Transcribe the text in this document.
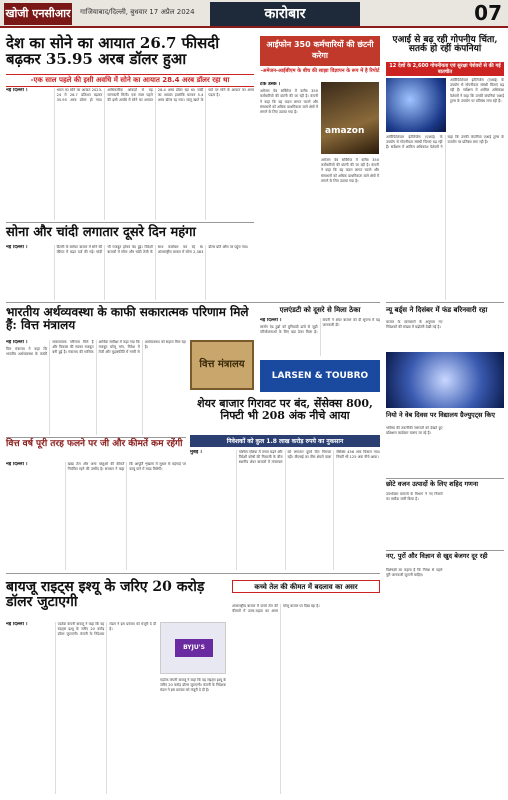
खोजी एनसीआर गाजियाबाद/दिल्ली, बुधवार 17 अप्रैल 2024	कारोबार	07
देश का सोने का आयात 26.7 फीसदी बढ़कर 35.95 अरब डॉलर हुआ
-एक साल पहले की इसी अवधि में सोने का आयात 28.4 अरब डॉलर रहा था
नई दिल्ली ।	भारत का सोने का आयात 2023-24 में 26.7 प्रतिशत बढ़कर 35.95 अरब डॉलर हो गया। आधिकारिक आंकड़ों से यह जानकारी मिली। एक साल पहले की इसी अवधि में सोने का आयात 28.4 अरब डॉलर रहा था। चांदी का आयात हालांकि घटकर 5.4 अरब डॉलर रह गया। चालू खाते के घाटे पर सोने के आयात का असर पड़ता है।
सोना और चांदी लगातार दूसरे दिन महंगा
नई दिल्ली ।	दिल्ली के सर्राफा बाजार में सोने की कीमत में बढ़त दर्ज की गई। चांदी भी मजबूत होकर बंद हुई। विदेशी बाजारों में सोना और चांदी तेजी के साथ कारोबार कर रहे थे। अंतरराष्ट्रीय बाजार में सोना 2,383 डॉलर प्रति औंस पर पहुंच गया।
आईफोन 350 कर्मचारियों की छंटनी करेगा
-अमेजन-आईबीएम के बीच की साझा विज्ञापन के रूप में है रिपोर्ट
टेक डेस्क ।
अमेजन वेब सर्विसेज में करीब 350 कर्मचारियों की छंटनी की जा रही है। कंपनी ने कहा कि यह कदम लागत घटाने और संसाधनों को अधिक प्राथमिकता वाले क्षेत्रों में लगाने के लिए उठाया गया है।
amazon
अमेजन वेब सर्विसेज में करीब 350 कर्मचारियों की छंटनी की जा रही है। कंपनी ने कहा कि यह कदम लागत घटाने और संसाधनों को अधिक प्राथमिकता वाले क्षेत्रों में लगाने के लिए उठाया गया है।
एआई से बढ़ रही गोपनीय चिंता, सतर्क हो रहीं कंपनियां
12 देशों के 2,600 गोपनीयता एवं सुरक्षा पेशेवरों से की गई बातचीत
आर्टिफिशियल इंटेलिजेंस (एआई) के उपयोग से गोपनीयता संबंधी चिंताएं बढ़ रही हैं। सर्वेक्षण में शामिल अधिकांश पेशेवरों ने कहा कि उनकी कंपनियां एआई टूल्स के उपयोग पर प्रतिबंध लगा रही हैं।
आर्टिफिशियल इंटेलिजेंस (एआई) के उपयोग से गोपनीयता संबंधी चिंताएं बढ़ रही हैं। सर्वेक्षण में शामिल अधिकांश पेशेवरों ने कहा कि उनकी कंपनियां एआई टूल्स के उपयोग पर प्रतिबंध लगा रही हैं।
भारतीय अर्थव्यवस्था के काफी सकारात्मक परिणाम मिले हैं: वित्त मंत्रालय
नई दिल्ली ।
वित्त मंत्रालय ने कहा कि भारतीय अर्थव्यवस्था के काफी सकारात्मक परिणाम मिले हैं और विकास की रफ्तार मजबूत बनी हुई है। मंत्रालय की मासिक आर्थिक समीक्षा में कहा गया कि मजबूत घरेलू मांग, निवेश में तेजी और मुद्रास्फीति में नरमी से अर्थव्यवस्था को सहारा मिल रहा है।
वित्त मंत्रालय
एलएंडटी को दूसरे से मिला ठेका
नई दिल्ली ।
लार्सन एंड टुब्रो को बुनियादी ढांचे से जुड़ी परियोजनाओं के लिए बड़ा ठेका मिला है। कंपनी ने शेयर बाजार को दी सूचना में यह जानकारी दी।
LARSEN & TOUBRO
वित्त वर्ष पूरी तरह फलने पर जी और कीमतें कम रहेंगी
नई दिल्ली ।	खाद्य तेल और अन्य वस्तुओं की कीमतें नियंत्रित रहने की उम्मीद है। सरकार ने कहा कि आपूर्ति शृंखला में सुधार से महंगाई पर काबू पाने में मदद मिलेगी।
शेयर बाजार गिरावट पर बंद, सेंसेक्स 800, निफ्टी भी 208 अंक नीचे आया
निवेशकों को कुल 1.8 लाख करोड़ रुपये का नुकसान
मुंबई ।	पश्चिम एशिया में तनाव बढ़ने और विदेशी कोषों की निकासी के बीच स्थानीय शेयर बाजारों में मंगलवार को लगातार दूसरे दिन गिरावट रही। बीएसई का तीस शेयरों वाला सेंसेक्स 456 अंक फिसल गया। निफ्टी भी 125 अंक नीचे आया।
न्यू बर्ड्स ने दिसंबर में फंड बरिनवारी रहा
बाजार के जानकारों के अनुसार नए निवेशकों की संख्या में बढ़ोतरी देखी गई है।
नियो ने वेब दिवस पर विद्यालय ग्रैज्युएट्स किए
भविष्य की तकनीकी जरूरतों को देखते हुए प्रशिक्षण कार्यक्रम चलाए जा रहे हैं।
छोटे वजन उत्पादों के लिए शहिद गणना
उपभोक्ता मामलों के विभाग ने नए नियमों का मसौदा जारी किया है।
नए, पुरों और विज्ञान से खुद बेजगर दूर रही
विशेषज्ञों का कहना है कि निवेश से पहले पूरी जानकारी जुटानी चाहिए।
बायजू राइट्स इश्यू के जरिए 20 करोड़ डॉलर जुटाएगी
नई दिल्ली ।	एडटेक कंपनी बायजू ने कहा कि वह राइट्स इश्यू के जरिए 20 करोड़ डॉलर जुटाएगी। कंपनी के निदेशक मंडल ने इस प्रस्ताव को मंजूरी दे दी है।
BYJU'S
एडटेक कंपनी बायजू ने कहा कि वह राइट्स इश्यू के जरिए 20 करोड़ डॉलर जुटाएगी। कंपनी के निदेशक मंडल ने इस प्रस्ताव को मंजूरी दे दी है।
कच्चे तेल की कीमत में बदलाव का असर
अंतरराष्ट्रीय बाजार में कच्चे तेल की कीमतों में उतार-चढ़ाव का असर घरेलू बाजार पर दिख रहा है।
